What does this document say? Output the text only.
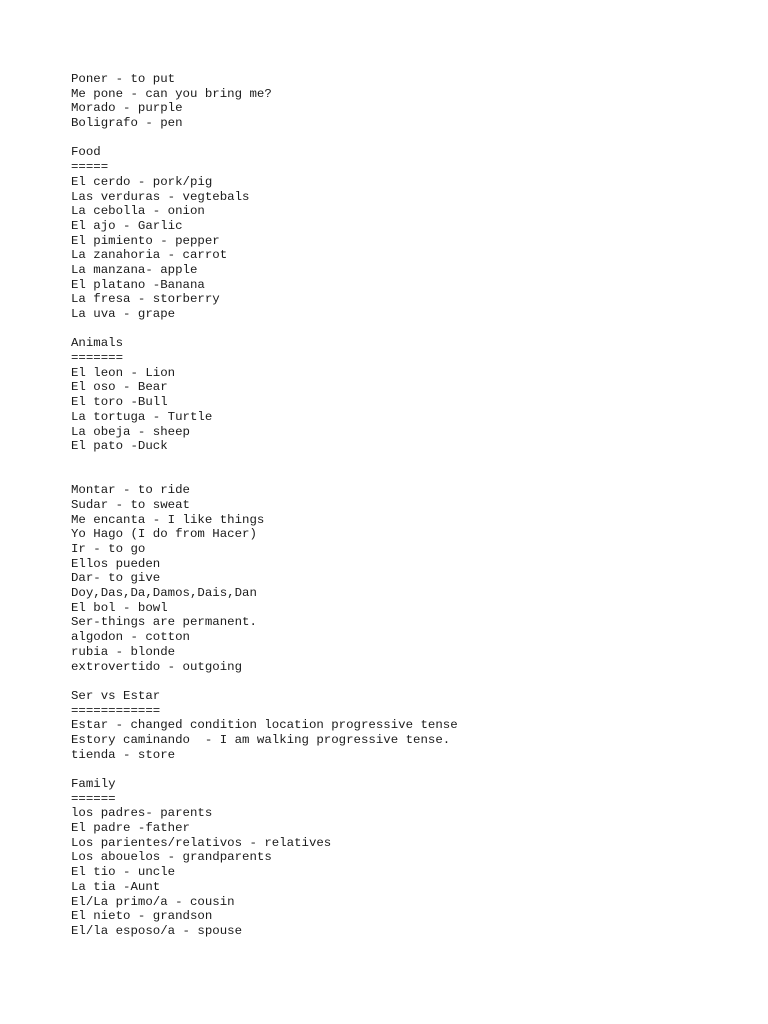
Poner - to put
Me pone - can you bring me?
Morado - purple
Boligrafo - pen
Food
=====
El cerdo - pork/pig
Las verduras - vegtebals
La cebolla - onion
El ajo - Garlic
El pimiento - pepper
La zanahoria - carrot
La manzana- apple
El platano -Banana
La fresa - storberry
La uva - grape
Animals
=======
El leon - Lion
El oso - Bear
El toro -Bull
La tortuga - Turtle
La obeja - sheep
El pato -Duck
Montar - to ride
Sudar - to sweat
Me encanta - I like things
Yo Hago (I do from Hacer)
Ir - to go
Ellos pueden
Dar- to give
Doy,Das,Da,Damos,Dais,Dan
El bol - bowl
Ser-things are permanent.
algodon - cotton
rubia - blonde
extrovertido - outgoing
Ser vs Estar
============
Estar - changed condition location progressive tense
Estory caminando  - I am walking progressive tense.
tienda - store
Family
======
los padres- parents
El padre -father
Los parientes/relativos - relatives
Los abouelos - grandparents
El tio - uncle
La tia -Aunt
El/La primo/a - cousin
El nieto - grandson
El/la esposo/a - spouse
